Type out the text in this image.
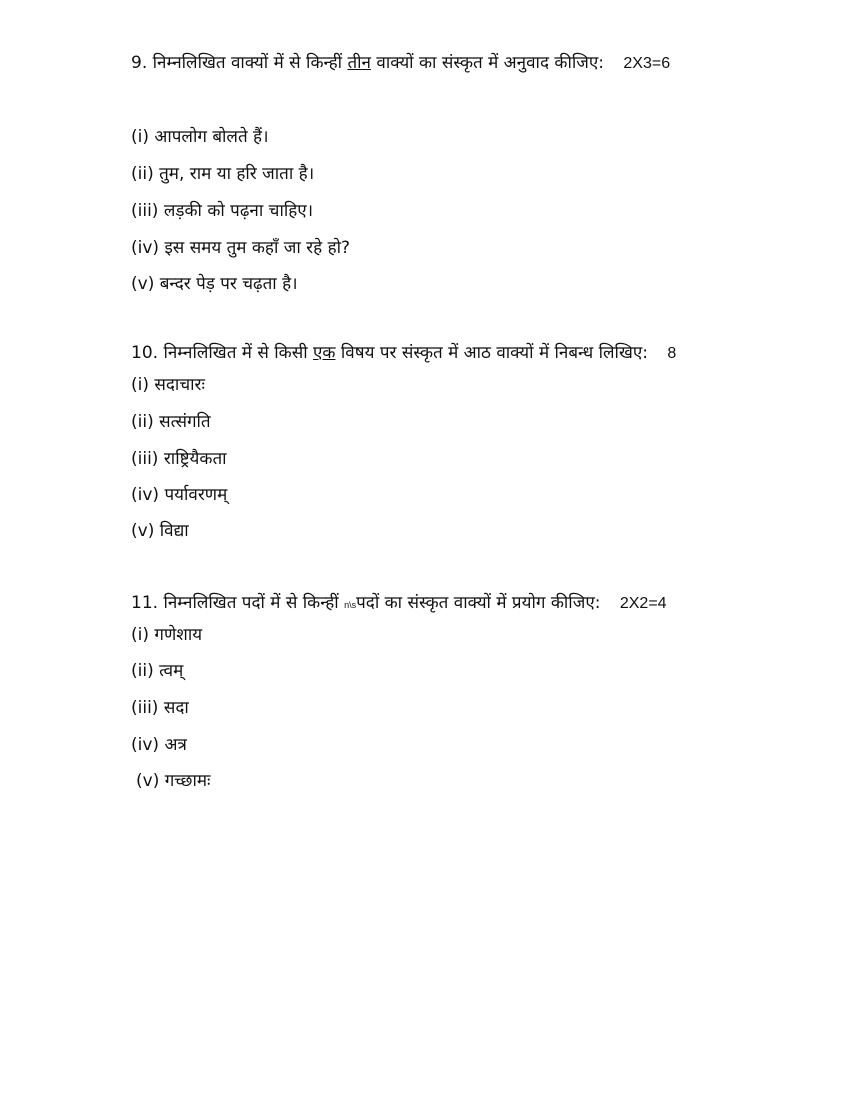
9. निम्नलिखित वाक्यों में से किन्हीं तीन वाक्यों का संस्कृत में अनुवाद कीजिए: 2X3=6
(i) आपलोग बोलते हैं।
(ii) तुम, राम या हरि जाता है।
(iii) लड़की को पढ़ना चाहिए।
(iv) इस समय तुम कहाँ जा रहे हो?
(v) बन्दर पेड़ पर चढ़ता है।
10. निम्नलिखित में से किसी एक विषय पर संस्कृत में आठ वाक्यों में निबन्ध लिखिए: 8
(i) सदाचारः
(ii) सत्संगति
(iii) राष्ट्रियैकता
(iv) पर्यावरणम्
(v) विद्या
11. निम्नलिखित पदों में से किन्हीं n\sपदों का संस्कृत वाक्यों में प्रयोग कीजिए: 2X2=4
(i) गणेशाय
(ii) त्वम्
(iii) सदा
(iv) अत्र
(v) गच्छामः
